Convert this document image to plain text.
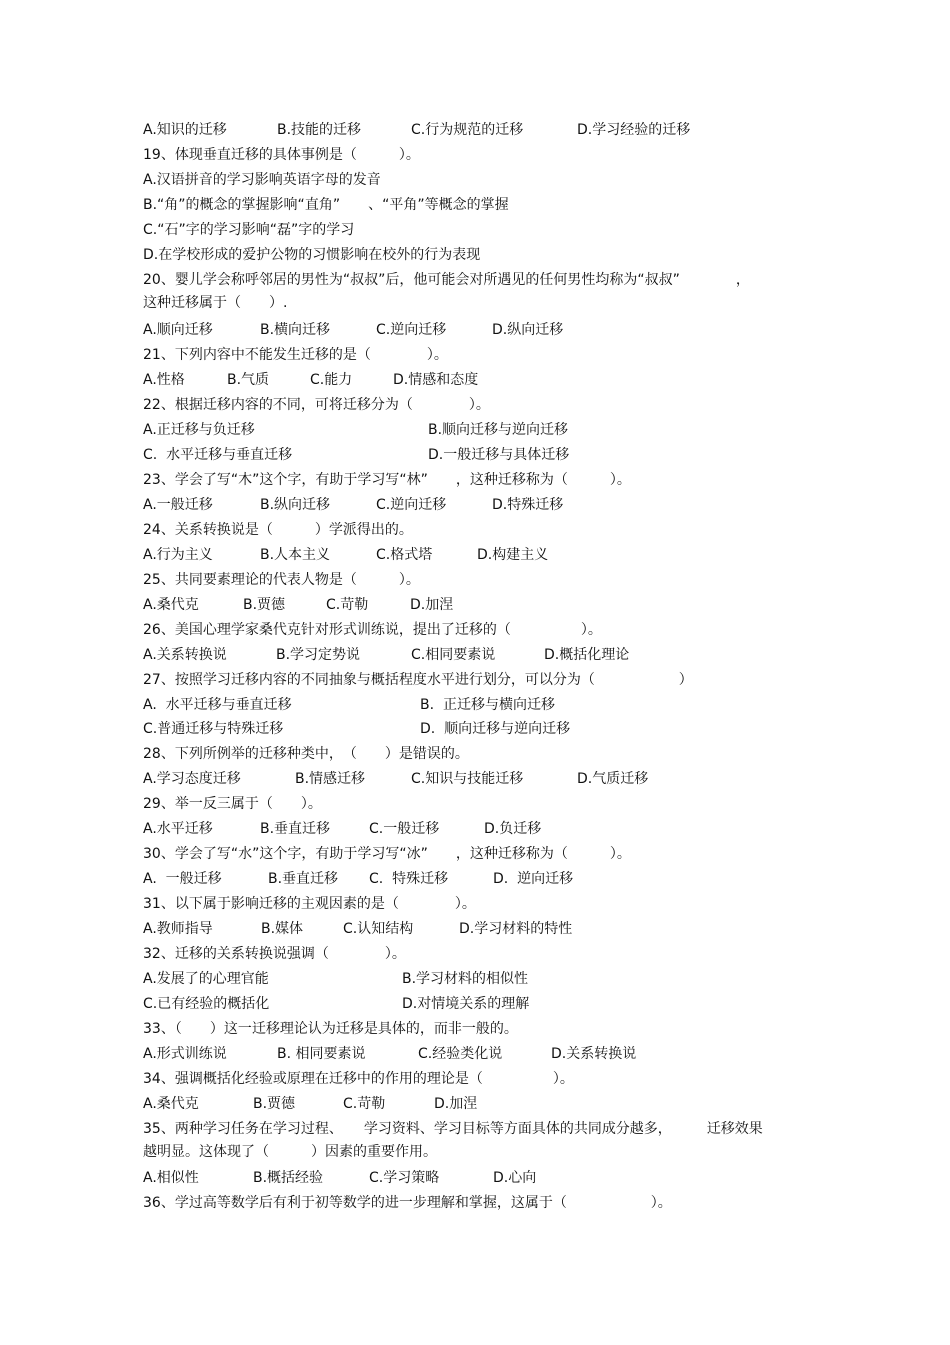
A.知识的迁移	B.技能的迁移	C.行为规范的迁移	D.学习经验的迁移
19、体现垂直迁移的具体事例是（　　　）。
A.汉语拼音的学习影响英语字母的发音
B.“角”的概念的掌握影响“直角”　　、“平角”等概念的掌握
C.“石”字的学习影响“磊”字的学习
D.在学校形成的爱护公物的习惯影响在校外的行为表现
20、婴儿学会称呼邻居的男性为“叔叔”后，他可能会对所遇见的任何男性均称为“叔叔”　　　　，
这种迁移属于（　　）.
A.顺向迁移	B.横向迁移	C.逆向迁移	D.纵向迁移
21、下列内容中不能发生迁移的是（　　　　）。
A.性格	B.气质	C.能力	D.情感和态度
22、根据迁移内容的不同，可将迁移分为（　　　　）。
A.正迁移与负迁移	B.顺向迁移与逆向迁移
C.  水平迁移与垂直迁移	D.一般迁移与具体迁移
23、学会了写“木”这个字，有助于学习写“林”　　，这种迁移称为（　　　）。
A.一般迁移	B.纵向迁移	C.逆向迁移	D.特殊迁移
24、关系转换说是（　　　）学派得出的。
A.行为主义	B.人本主义	C.格式塔	D.构建主义
25、共同要素理论的代表人物是（　　　）。
A.桑代克	B.贾德	C.苛勒	D.加涅
26、美国心理学家桑代克针对形式训练说，提出了迁移的（　　　　　）。
A.关系转换说	B.学习定势说	C.相同要素说	D.概括化理论
27、按照学习迁移内容的不同抽象与概括程度水平进行划分，可以分为（　　　　　　）
A.  水平迁移与垂直迁移	B.  正迁移与横向迁移
C.普通迁移与特殊迁移	D.  顺向迁移与逆向迁移
28、下列所例举的迁移种类中，　（　　）是错误的。
A.学习态度迁移	B.情感迁移	C.知识与技能迁移	D.气质迁移
29、举一反三属于（　　）。
A.水平迁移	B.垂直迁移	C.一般迁移	D.负迁移
30、学会了写“水”这个字，有助于学习写“冰”　　，这种迁移称为（　　　）。
A.  一般迁移	B.垂直迁移 C.  特殊迁移	D.  逆向迁移
31、以下属于影响迁移的主观因素的是（　　　　）。
A.教师指导	B.媒体	C.认知结构	D.学习材料的特性
32、迁移的关系转换说强调（　　　　）。
A.发展了的心理官能	B.学习材料的相似性
C.已有经验的概括化	D.对情境关系的理解
33、（　　）这一迁移理论认为迁移是具体的，而非一般的。
A.形式训练说	B. 相同要素说	C.经验类化说	D.关系转换说
34、强调概括化经验或原理在迁移中的作用的理论是（　　　　　）。
A.桑代克	B.贾德	C.苛勒	D.加涅
35、两种学习任务在学习过程、　　学习资料、学习目标等方面具体的共同成分越多，　　　迁移效果
越明显。这体现了（　　　）因素的重要作用。
A.相似性	B.概括经验	C.学习策略	D.心向
36、学过高等数学后有利于初等数学的进一步理解和掌握，这属于（　　　　　　）。
